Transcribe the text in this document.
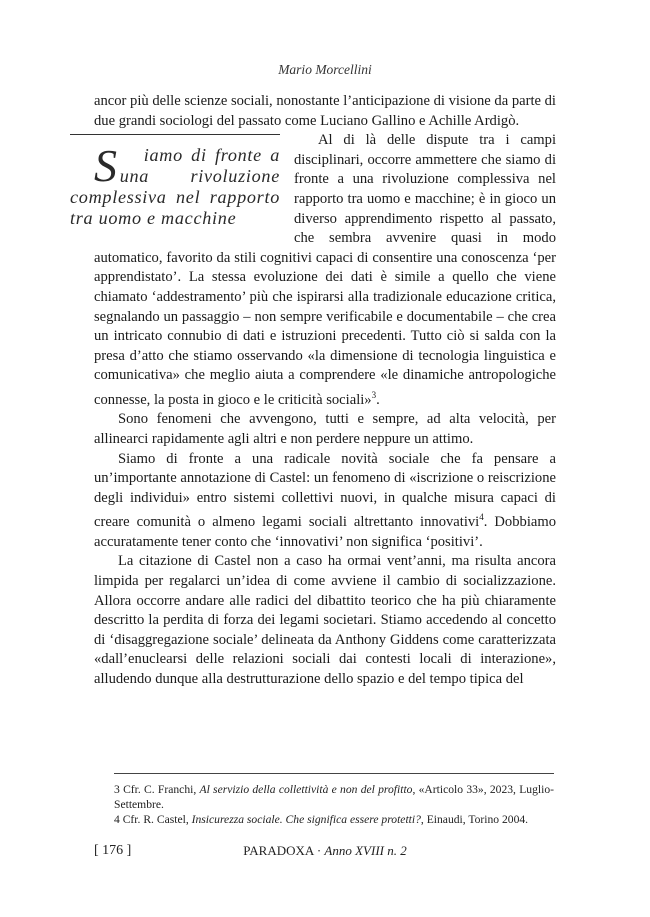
Mario Morcellini

ancor più delle scienze sociali, nonostante l’anticipazione di visione da parte di due grandi sociologi del passato come Luciano Gallino e Achille Ardigò.

S iamo di fronte a una rivoluzione complessiva nel rapporto tra uomo e macchine
Al di là delle dispute tra i campi disciplinari, occorre ammettere che siamo di fronte a una rivoluzione complessiva nel rapporto tra uomo e macchine; è in gioco un diverso apprendimento rispetto al passato, che sembra avvenire quasi in modo automatico, favorito da stili cognitivi capaci di consentire una conoscenza ‘per apprendistato’. La stessa evoluzione dei dati è simile a quello che viene chiamato ‘addestramento’ più che ispirarsi alla tradizionale educazione critica, segnalando un passaggio – non sempre verificabile e documentabile – che crea un intricato connubio di dati e istruzioni precedenti. Tutto ciò si salda con la presa d’atto che stiamo osservando «la dimensione di tecnologia linguistica e comunicativa» che meglio aiuta a comprendere «le dinamiche antropologiche connesse, la posta in gioco e le criticità sociali»$^3$.

Sono fenomeni che avvengono, tutti e sempre, ad alta velocità, per allinearci rapidamente agli altri e non perdere neppure un attimo.

Siamo di fronte a una radicale novità sociale che fa pensare a un’importante annotazione di Castel: un fenomeno di «iscrizione o reiscrizione degli individui» entro sistemi collettivi nuovi, in qualche misura capaci di creare comunità o almeno legami sociali altrettanto innovativi$^4$. Dobbiamo accuratamente tener conto che ‘innovativi’ non significa ‘positivi’.

La citazione di Castel non a caso ha ormai vent’anni, ma risulta ancora limpida per regalarci un’idea di come avviene il cambio di socializzazione. Allora occorre andare alle radici del dibattito teorico che ha più chiaramente descritto la perdita di forza dei legami societari. Stiamo accedendo al concetto di ‘disaggregazione sociale’ delineata da Anthony Giddens come caratterizzata «dall’enuclearsi delle relazioni sociali dai contesti locali di interazione», alludendo dunque alla destrutturazione dello spazio e del tempo tipica del

3 Cfr. C. Franchi, Al servizio della collettività e non del profitto, «Articolo 33», 2023, Luglio-Settembre.

4 Cfr. R. Castel, Insicurezza sociale. Che significa essere protetti?, Einaudi, Torino 2004.

[ 176 ]	PARADOXA · Anno XVIII n. 2
